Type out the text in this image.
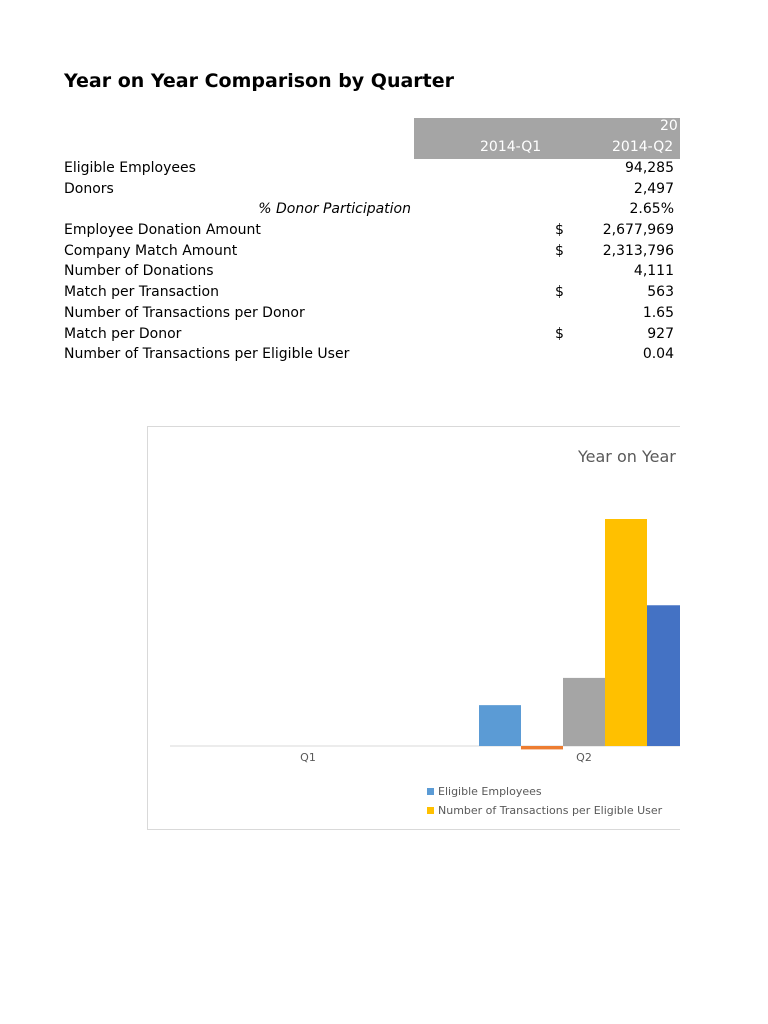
Year on Year Comparison by Quarter
20
2014-Q1	2014-Q2
Eligible Employees	94,285
Donors	2,497
% Donor Participation	2.65%
Employee Donation Amount	$	2,677,969
Company Match Amount	$	2,313,796
Number of Donations	4,111
Match per Transaction	$	563
Number of Transactions per Donor	1.65
Match per Donor	$	927
Number of Transactions per Eligible User	0.04
Year on Year
Q1	Q2
Eligible Employees
Number of Transactions per Eligible User
